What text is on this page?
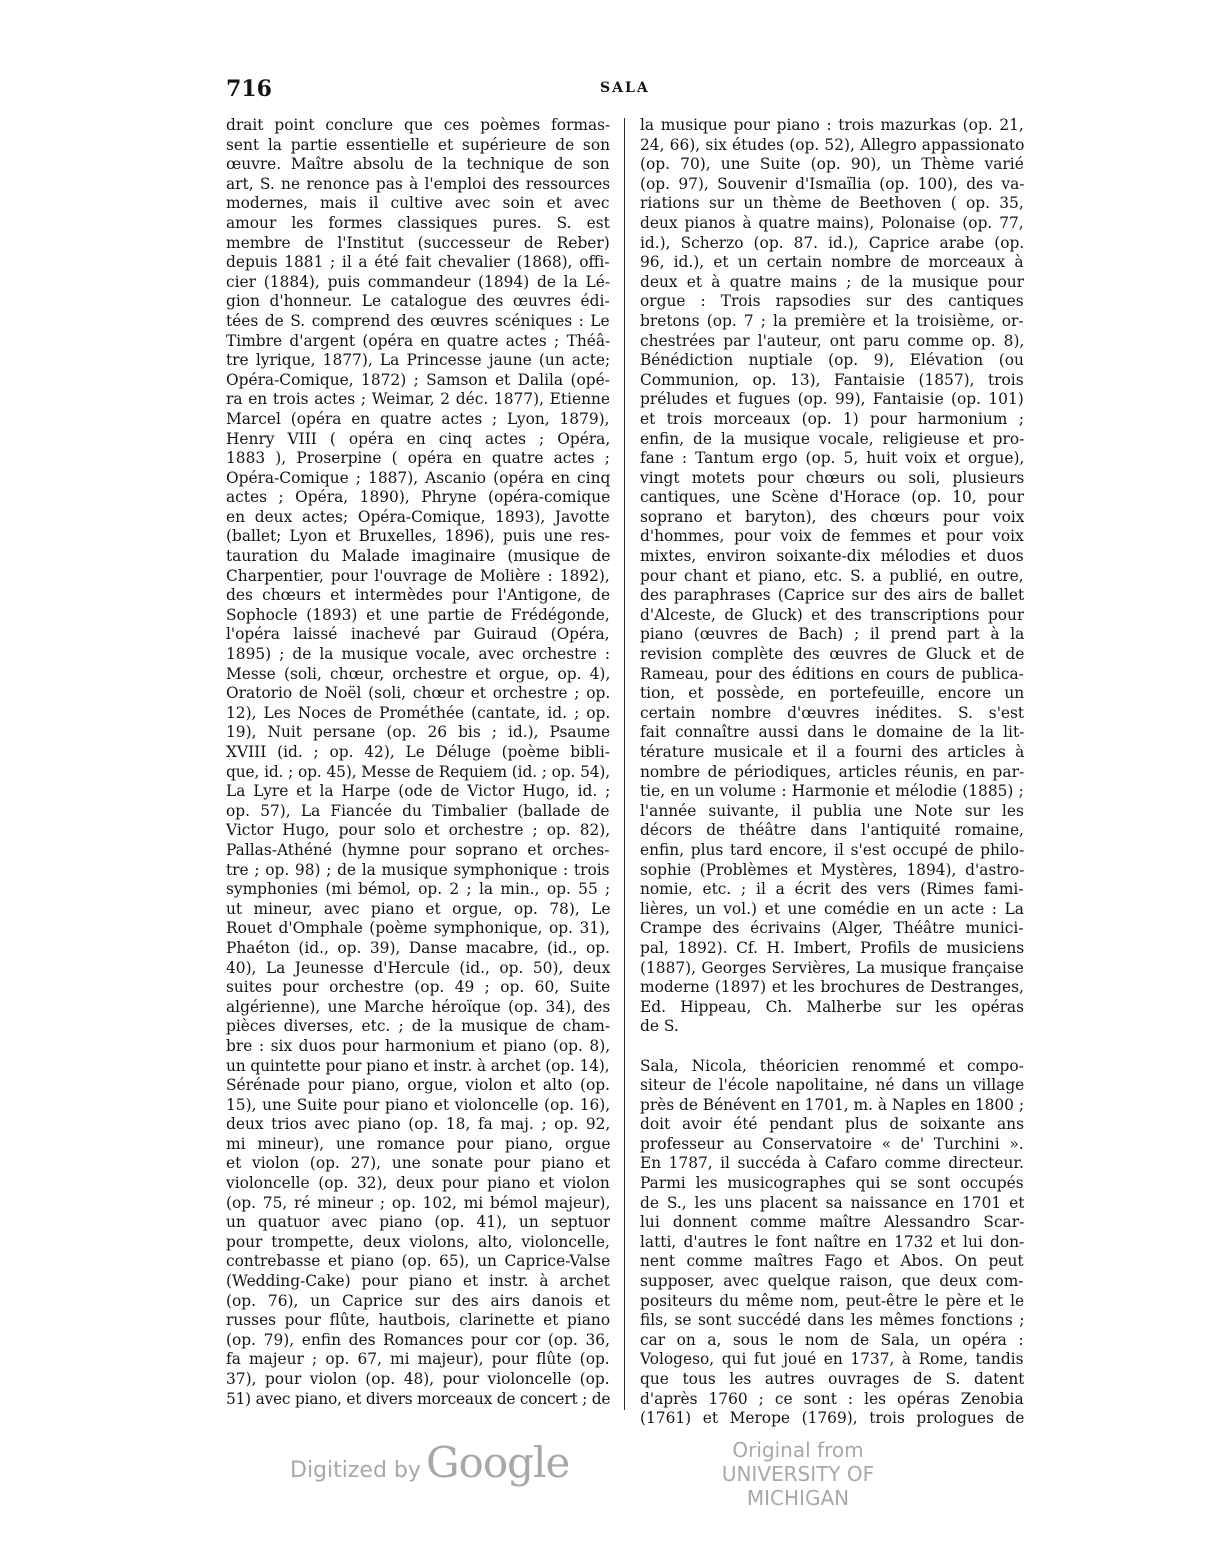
716	SALA
drait point conclure que ces poèmes formas-
sent la partie essentielle et supérieure de son
œuvre. Maître absolu de la technique de son
art, S. ne renonce pas à l'emploi des ressources
modernes, mais il cultive avec soin et avec
amour les formes classiques pures. S. est
membre de l'Institut (successeur de Reber)
depuis 1881 ; il a été fait chevalier (1868), offi-
cier (1884), puis commandeur (1894) de la Lé-
gion d'honneur. Le catalogue des œuvres édi-
tées de S. comprend des œuvres scéniques : Le
Timbre d'argent (opéra en quatre actes ; Théâ-
tre lyrique, 1877), La Princesse jaune (un acte;
Opéra-Comique, 1872) ; Samson et Dalila (opé-
ra en trois actes ; Weimar, 2 déc. 1877), Etienne
Marcel (opéra en quatre actes ; Lyon, 1879),
Henry VIII ( opéra en cinq actes ; Opéra,
1883 ), Proserpine ( opéra en quatre actes ;
Opéra-Comique ; 1887), Ascanio (opéra en cinq
actes ; Opéra, 1890), Phryne (opéra-comique
en deux actes; Opéra-Comique, 1893), Javotte
(ballet; Lyon et Bruxelles, 1896), puis une res-
tauration du Malade imaginaire (musique de
Charpentier, pour l'ouvrage de Molière : 1892),
des chœurs et intermèdes pour l'Antigone, de
Sophocle (1893) et une partie de Frédégonde,
l'opéra laissé inachevé par Guiraud (Opéra,
1895) ; de la musique vocale, avec orchestre :
Messe (soli, chœur, orchestre et orgue, op. 4),
Oratorio de Noël (soli, chœur et orchestre ; op.
12), Les Noces de Prométhée (cantate, id. ; op.
19), Nuit persane (op. 26 bis ; id.), Psaume
XVIII (id. ; op. 42), Le Déluge (poème bibli-
que, id. ; op. 45), Messe de Requiem (id. ; op. 54),
La Lyre et la Harpe (ode de Victor Hugo, id. ;
op. 57), La Fiancée du Timbalier (ballade de
Victor Hugo, pour solo et orchestre ; op. 82),
Pallas-Athéné (hymne pour soprano et orches-
tre ; op. 98) ; de la musique symphonique : trois
symphonies (mi bémol, op. 2 ; la min., op. 55 ;
ut mineur, avec piano et orgue, op. 78), Le
Rouet d'Omphale (poème symphonique, op. 31),
Phaéton (id., op. 39), Danse macabre, (id., op.
40), La Jeunesse d'Hercule (id., op. 50), deux
suites pour orchestre (op. 49 ; op. 60, Suite
algérienne), une Marche héroïque (op. 34), des
pièces diverses, etc. ; de la musique de cham-
bre : six duos pour harmonium et piano (op. 8),
un quintette pour piano et instr. à archet (op. 14),
Sérénade pour piano, orgue, violon et alto (op.
15), une Suite pour piano et violoncelle (op. 16),
deux trios avec piano (op. 18, fa maj. ; op. 92,
mi mineur), une romance pour piano, orgue
et violon (op. 27), une sonate pour piano et
violoncelle (op. 32), deux pour piano et violon
(op. 75, ré mineur ; op. 102, mi bémol majeur),
un quatuor avec piano (op. 41), un septuor
pour trompette, deux violons, alto, violoncelle,
contrebasse et piano (op. 65), un Caprice-Valse
(Wedding-Cake) pour piano et instr. à archet
(op. 76), un Caprice sur des airs danois et
russes pour flûte, hautbois, clarinette et piano
(op. 79), enfin des Romances pour cor (op. 36,
fa majeur ; op. 67, mi majeur), pour flûte (op.
37), pour violon (op. 48), pour violoncelle (op.
51) avec piano, et divers morceaux de concert ; de
la musique pour piano : trois mazurkas (op. 21,
24, 66), six études (op. 52), Allegro appassionato
(op. 70), une Suite (op. 90), un Thème varié
(op. 97), Souvenir d'Ismaïlia (op. 100), des va-
riations sur un thème de Beethoven ( op. 35,
deux pianos à quatre mains), Polonaise (op. 77,
id.), Scherzo (op. 87. id.), Caprice arabe (op.
96, id.), et un certain nombre de morceaux à
deux et à quatre mains ; de la musique pour
orgue : Trois rapsodies sur des cantiques
bretons (op. 7 ; la première et la troisième, or-
chestrées par l'auteur, ont paru comme op. 8),
Bénédiction nuptiale (op. 9), Elévation (ou
Communion, op. 13), Fantaisie (1857), trois
préludes et fugues (op. 99), Fantaisie (op. 101)
et trois morceaux (op. 1) pour harmonium ;
enfin, de la musique vocale, religieuse et pro-
fane : Tantum ergo (op. 5, huit voix et orgue),
vingt motets pour chœurs ou soli, plusieurs
cantiques, une Scène d'Horace (op. 10, pour
soprano et baryton), des chœurs pour voix
d'hommes, pour voix de femmes et pour voix
mixtes, environ soixante-dix mélodies et duos
pour chant et piano, etc. S. a publié, en outre,
des paraphrases (Caprice sur des airs de ballet
d'Alceste, de Gluck) et des transcriptions pour
piano (œuvres de Bach) ; il prend part à la
revision complète des œuvres de Gluck et de
Rameau, pour des éditions en cours de publica-
tion, et possède, en portefeuille, encore un
certain nombre d'œuvres inédites. S. s'est
fait connaître aussi dans le domaine de la lit-
térature musicale et il a fourni des articles à
nombre de périodiques, articles réunis, en par-
tie, en un volume : Harmonie et mélodie (1885) ;
l'année suivante, il publia une Note sur les
décors de théâtre dans l'antiquité romaine,
enfin, plus tard encore, il s'est occupé de philo-
sophie (Problèmes et Mystères, 1894), d'astro-
nomie, etc. ; il a écrit des vers (Rimes fami-
lières, un vol.) et une comédie en un acte : La
Crampe des écrivains (Alger, Théâtre munici-
pal, 1892). Cf. H. Imbert, Profils de musiciens
(1887), Georges Servières, La musique française
moderne (1897) et les brochures de Destranges,
Ed. Hippeau, Ch. Malherbe sur les opéras
de S.
Sala, Nicola, théoricien renommé et compo-
siteur de l'école napolitaine, né dans un village
près de Bénévent en 1701, m. à Naples en 1800 ;
doit avoir été pendant plus de soixante ans
professeur au Conservatoire « de' Turchini ».
En 1787, il succéda à Cafaro comme directeur.
Parmi les musicographes qui se sont occupés
de S., les uns placent sa naissance en 1701 et
lui donnent comme maître Alessandro Scar-
latti, d'autres le font naître en 1732 et lui don-
nent comme maîtres Fago et Abos. On peut
supposer, avec quelque raison, que deux com-
positeurs du même nom, peut-être le père et le
fils, se sont succédé dans les mêmes fonctions ;
car on a, sous le nom de Sala, un opéra :
Vologeso, qui fut joué en 1737, à Rome, tandis
que tous les autres ouvrages de S. datent
d'après 1760 ; ce sont : les opéras Zenobia
(1761) et Merope (1769), trois prologues de
Digitized by Google	Original from
UNIVERSITY OF MICHIGAN
